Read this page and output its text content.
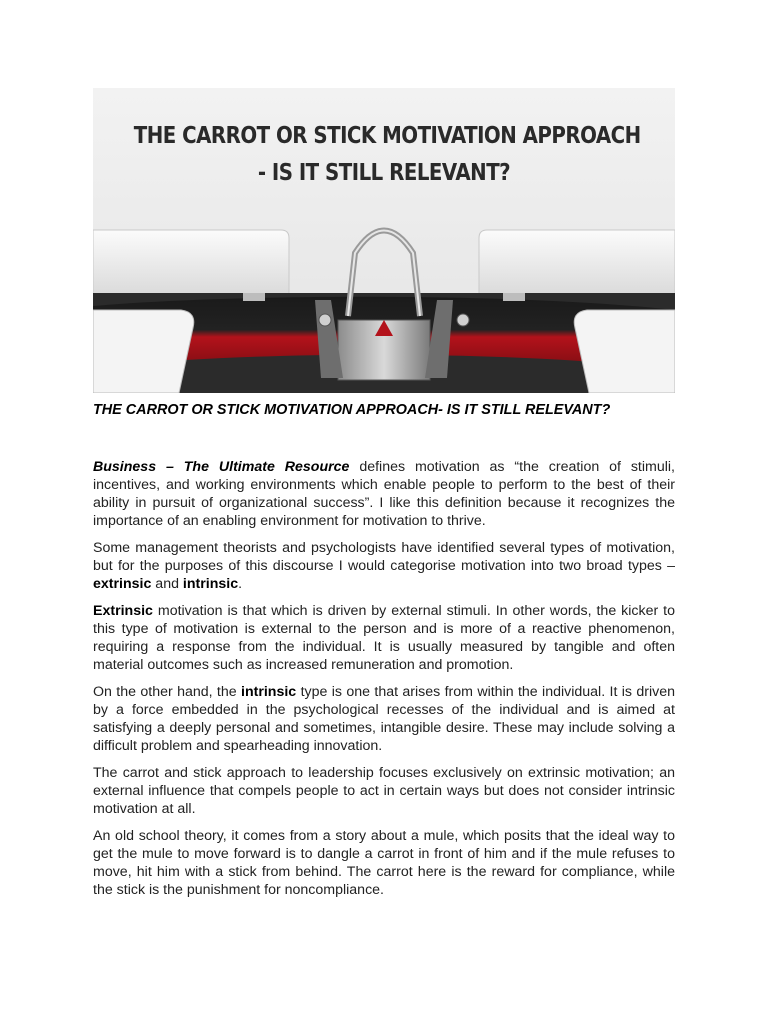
THE CARROT OR STICK MOTIVATION APPROACH
- IS IT STILL RELEVANT?
THE CARROT OR STICK MOTIVATION APPROACH- IS IT STILL RELEVANT?

Business – The Ultimate Resource defines motivation as “the creation of stimuli, incentives, and working environments which enable people to perform to the best of their ability in pursuit of organizational success”. I like this definition because it recognizes the importance of an enabling environment for motivation to thrive.

Some management theorists and psychologists have identified several types of motivation, but for the purposes of this discourse I would categorise motivation into two broad types – extrinsic and intrinsic.

Extrinsic motivation is that which is driven by external stimuli. In other words, the kicker to this type of motivation is external to the person and is more of a reactive phenomenon, requiring a response from the individual. It is usually measured by tangible and often material outcomes such as increased remuneration and promotion.

On the other hand, the intrinsic type is one that arises from within the individual. It is driven by a force embedded in the psychological recesses of the individual and is aimed at satisfying a deeply personal and sometimes, intangible desire. These may include solving a difficult problem and spearheading innovation.

The carrot and stick approach to leadership focuses exclusively on extrinsic motivation; an external influence that compels people to act in certain ways but does not consider intrinsic motivation at all.

An old school theory, it comes from a story about a mule, which posits that the ideal way to get the mule to move forward is to dangle a carrot in front of him and if the mule refuses to move, hit him with a stick from behind. The carrot here is the reward for compliance, while the stick is the punishment for noncompliance.
